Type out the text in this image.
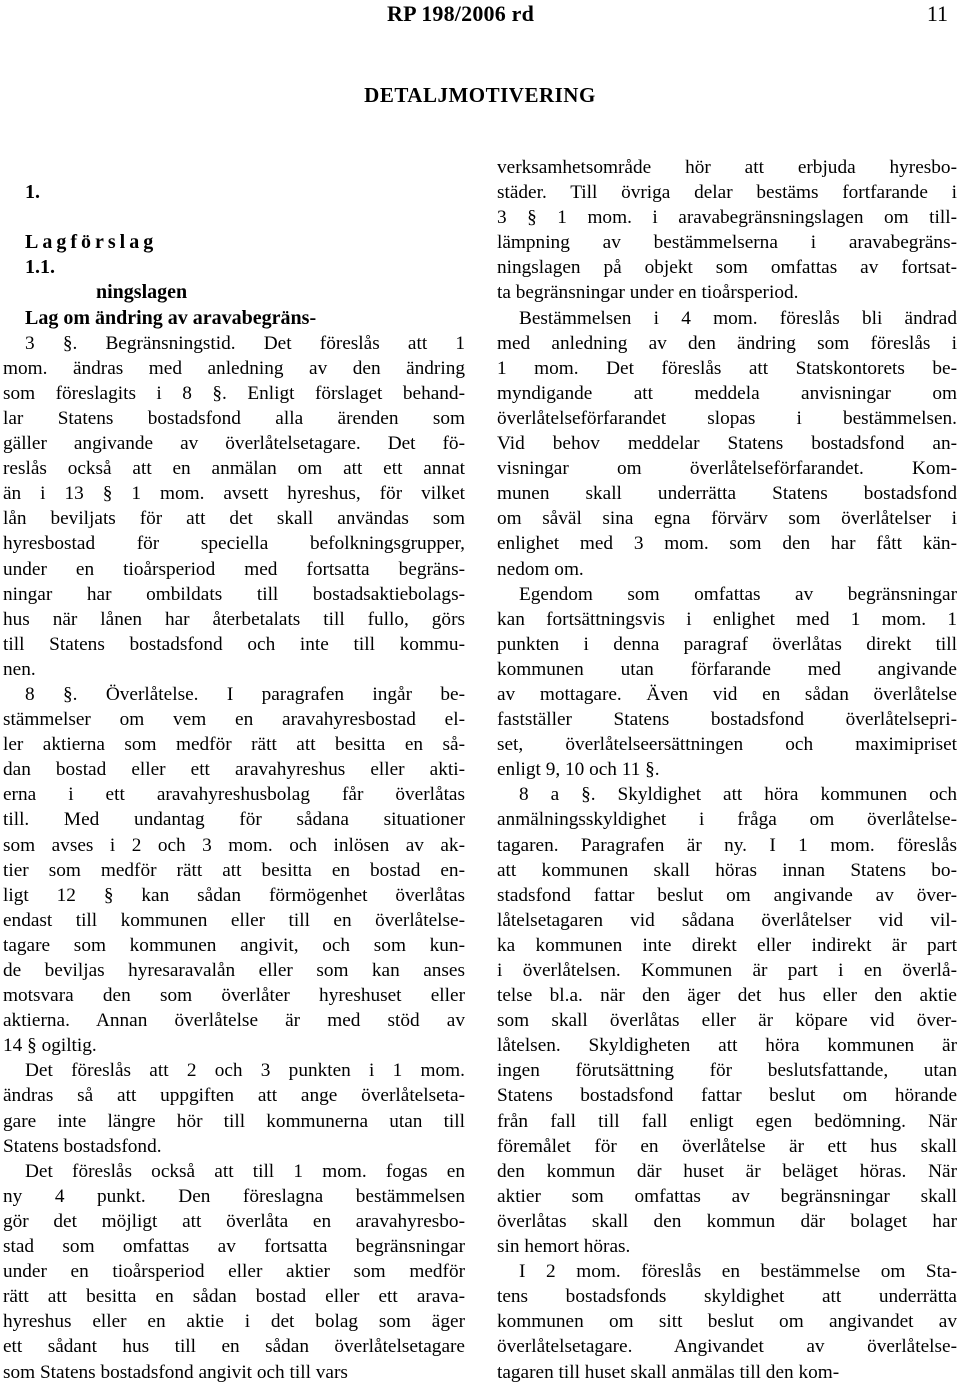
RP 198/2006 rd	11
DETALJMOTIVERING

1.

Lagförslag

1.1.

Lag om ändring av aravabegräns-

ningslagen

3 §. Begränsningstid. Det föreslås att 1
mom. ändras med anledning av den ändring
som föreslagits i 8 §. Enligt förslaget behand-
lar Statens bostadsfond alla ärenden som
gäller angivande av överlåtelsetagare. Det fö-
reslås också att en anmälan om att ett annat
än i 13 § 1 mom. avsett hyreshus, för vilket
lån beviljats för att det skall användas som
hyresbostad för speciella befolkningsgrupper,
under en tioårsperiod med fortsatta begräns-
ningar har ombildats till bostadsaktiebolags-
hus när lånen har återbetalats till fullo, görs
till Statens bostadsfond och inte till kommu-
nen.
8 §. Överlåtelse. I paragrafen ingår be-
stämmelser om vem en aravahyresbostad el-
ler aktierna som medför rätt att besitta en så-
dan bostad eller ett aravahyreshus eller akti-
erna i ett aravahyreshusbolag får överlåtas
till. Med undantag för sådana situationer
som avses i 2 och 3 mom. och inlösen av ak-
tier som medför rätt att besitta en bostad en-
ligt 12 § kan sådan förmögenhet överlåtas
endast till kommunen eller till en överlåtelse-
tagare som kommunen angivit, och som kun-
de beviljas hyresaravalån eller som kan anses
motsvara den som överlåter hyreshuset eller
aktierna. Annan överlåtelse är med stöd av
14 § ogiltig.
Det föreslås att 2 och 3 punkten i 1 mom.
ändras så att uppgiften att ange överlåtelseta-
gare inte längre hör till kommunerna utan till
Statens bostadsfond.
Det föreslås också att till 1 mom. fogas en
ny 4 punkt. Den föreslagna bestämmelsen
gör det möjligt att överlåta en aravahyresbo-
stad som omfattas av fortsatta begränsningar
under en tioårsperiod eller aktier som medför
rätt att besitta en sådan bostad eller ett arava-
hyreshus eller en aktie i det bolag som äger
ett sådant hus till en sådan överlåtelsetagare
som Statens bostadsfond angivit och till vars
verksamhetsområde hör att erbjuda hyresbo-
städer. Till övriga delar bestäms fortfarande i
3 § 1 mom. i aravabegränsningslagen om till-
lämpning av bestämmelserna i aravabegräns-
ningslagen på objekt som omfattas av fortsat-
ta begränsningar under en tioårsperiod.
Bestämmelsen i 4 mom. föreslås bli ändrad
med anledning av den ändring som föreslås i
1 mom. Det föreslås att Statskontorets be-
myndigande att meddela anvisningar om
överlåtelseförfarandet slopas i bestämmelsen.
Vid behov meddelar Statens bostadsfond an-
visningar om överlåtelseförfarandet. Kom-
munen skall underrätta Statens bostadsfond
om såväl sina egna förvärv som överlåtelser i
enlighet med 3 mom. som den har fått kän-
nedom om.
Egendom som omfattas av begränsningar
kan fortsättningsvis i enlighet med 1 mom. 1
punkten i denna paragraf överlåtas direkt till
kommunen utan förfarande med angivande
av mottagare. Även vid en sådan överlåtelse
fastställer Statens bostadsfond överlåtelsepri-
set, överlåtelseersättningen och maximipriset
enligt 9, 10 och 11 §.
8 a §. Skyldighet att höra kommunen och
anmälningsskyldighet i fråga om överlåtelse-
tagaren. Paragrafen är ny. I 1 mom. föreslås
att kommunen skall höras innan Statens bo-
stadsfond fattar beslut om angivande av över-
låtelsetagaren vid sådana överlåtelser vid vil-
ka kommunen inte direkt eller indirekt är part
i överlåtelsen. Kommunen är part i en överlå-
telse bl.a. när den äger det hus eller den aktie
som skall överlåtas eller är köpare vid över-
låtelsen. Skyldigheten att höra kommunen är
ingen förutsättning för beslutsfattande, utan
Statens bostadsfond fattar beslut om hörande
från fall till fall enligt egen bedömning. När
föremålet för en överlåtelse är ett hus skall
den kommun där huset är beläget höras. När
aktier som omfattas av begränsningar skall
överlåtas skall den kommun där bolaget har
sin hemort höras.
I 2 mom. föreslås en bestämmelse om Sta-
tens bostadsfonds skyldighet att underrätta
kommunen om sitt beslut om angivandet av
överlåtelsetagare. Angivandet av överlåtelse-
tagaren till huset skall anmälas till den kom-
